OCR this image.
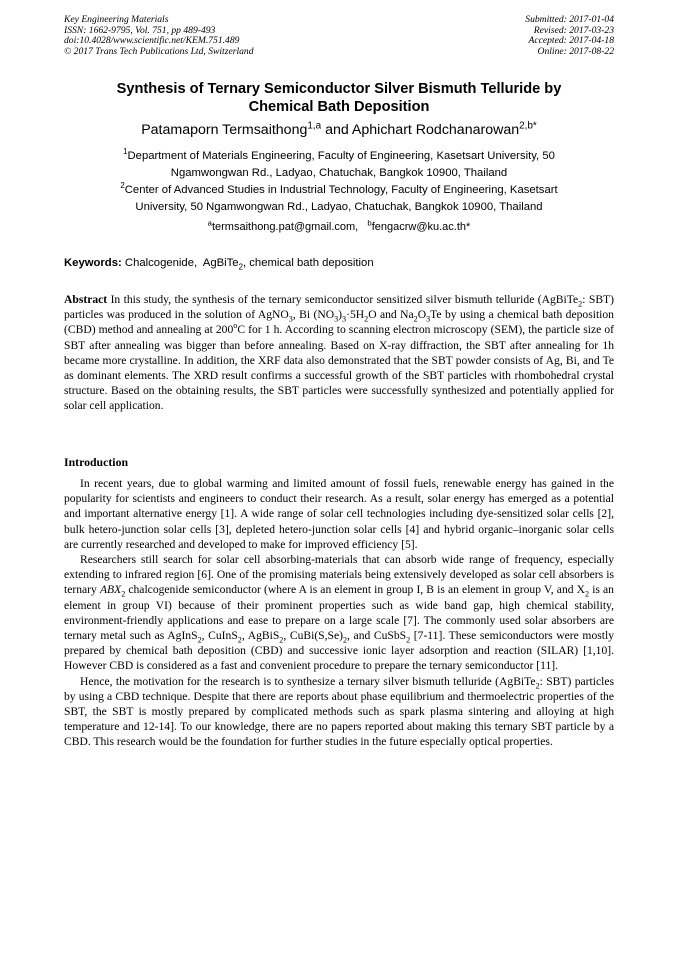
Key Engineering Materials
ISSN: 1662-9795, Vol. 751, pp 489-493
doi:10.4028/www.scientific.net/KEM.751.489
© 2017 Trans Tech Publications Ltd, Switzerland
Submitted: 2017-01-04
Revised: 2017-03-23
Accepted: 2017-04-18
Online: 2017-08-22
Synthesis of Ternary Semiconductor Silver Bismuth Telluride by
Chemical Bath Deposition
Patamaporn Termsaithong$^{1,a}$ and Aphichart Rodchanarowan$^{2,b*}$
$^1$Department of Materials Engineering, Faculty of Engineering, Kasetsart University, 50
Ngamwongwan Rd., Ladyao, Chatuchak, Bangkok 10900, Thailand
$^2$Center of Advanced Studies in Industrial Technology, Faculty of Engineering, Kasetsart
University, 50 Ngamwongwan Rd., Ladyao, Chatuchak, Bangkok 10900, Thailand
$^a$termsaithong.pat@gmail.com, $^b$fengacrw@ku.ac.th*
Keywords: Chalcogenide,  AgBiTe$_2$, chemical bath deposition

Abstract In this study, the synthesis of the ternary semiconductor sensitized silver bismuth telluride (AgBiTe$_2$: SBT) particles was produced in the solution of AgNO$_3$, Bi $(NO_3)_3\cdot 5H_2O$ and $Na_2O_3Te$ by using a chemical bath deposition (CBD) method and annealing at 200$^o$C for 1 h. According to scanning electron microscopy (SEM), the particle size of SBT after annealing was bigger than before annealing. Based on X-ray diffraction, the SBT after annealing for 1h became more crystalline. In addition, the XRF data also demonstrated that the SBT powder consists of Ag, Bi, and Te as dominant elements. The XRD result confirms a successful growth of the SBT particles with rhombohedral crystal structure. Based on the obtaining results, the SBT particles were successfully synthesized and potentially applied for solar cell application.

Introduction

In recent years, due to global warming and limited amount of fossil fuels, renewable energy has gained in the popularity for scientists and engineers to conduct their research. As a result, solar energy has emerged as a potential and important alternative energy [1]. A wide range of solar cell technologies including dye-sensitized solar cells [2], bulk hetero-junction solar cells [3], depleted hetero-junction solar cells [4] and hybrid organic–inorganic solar cells are currently researched and developed to make for improved efficiency [5].

Researchers still search for solar cell absorbing-materials that can absorb wide range of frequency, especially extending to infrared region [6]. One of the promising materials being extensively developed as solar cell absorbers is ternary $ABX_2$ chalcogenide semiconductor (where A is an element in group I, B is an element in group V, and $X_2$ is an element in group VI) because of their prominent properties such as wide band gap, high chemical stability, environment-friendly applications and ease to prepare on a large scale [7]. The commonly used solar absorbers are ternary metal such as AgInS$_2$, CuInS$_2$, AgBiS$_2$, $CuBi(S,Se)_2$, and CuSbS$_2$ [7-11]. These semiconductors were mostly prepared by chemical bath deposition (CBD) and successive ionic layer adsorption and reaction (SILAR) [1,10]. However CBD is considered as a fast and convenient procedure to prepare the ternary semiconductor [11].

Hence, the motivation for the research is to synthesize a ternary silver bismuth telluride (AgBiTe$_2$: SBT) particles by using a CBD technique. Despite that there are reports about phase equilibrium and thermoelectric properties of the SBT, the SBT is mostly prepared by complicated methods such as spark plasma sintering and alloying at high temperature and 12-14]. To our knowledge, there are no papers reported about making this ternary SBT particle by a CBD. This research would be the foundation for further studies in the future especially optical properties.
